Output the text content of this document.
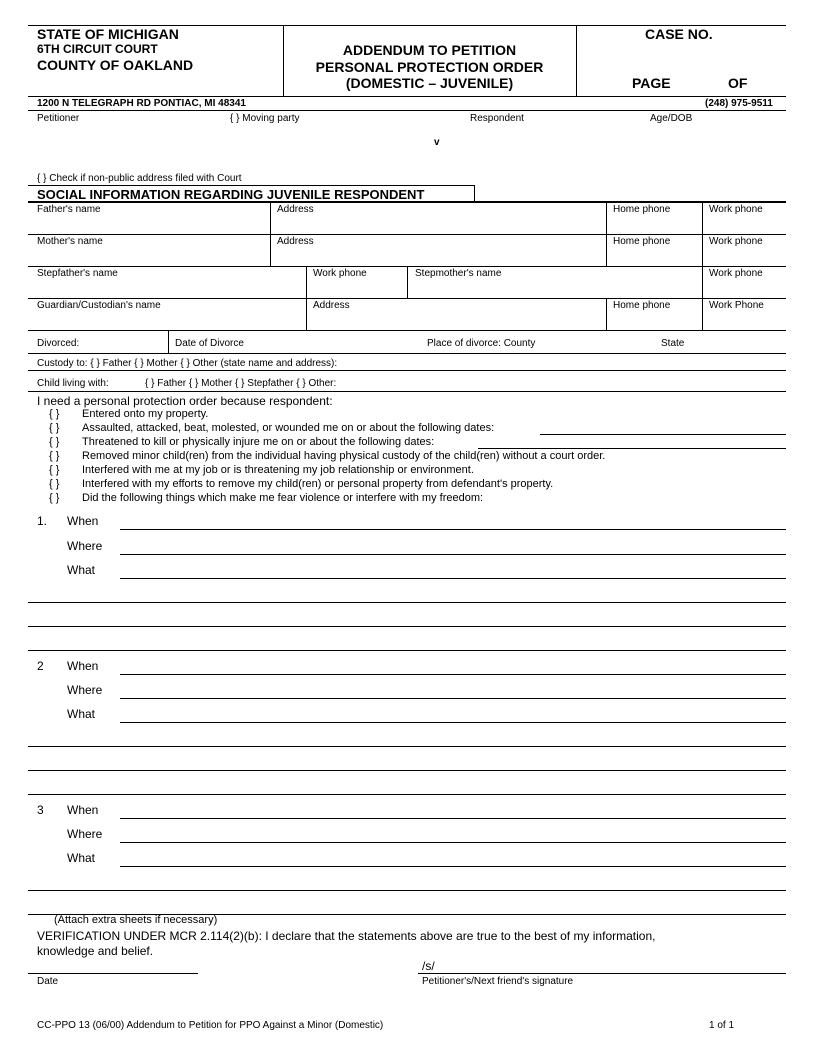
STATE OF MICHIGAN
6TH CIRCUIT COURT
COUNTY OF OAKLAND
ADDENDUM TO PETITION
PERSONAL PROTECTION ORDER
(DOMESTIC – JUVENILE)
CASE NO.
PAGE	OF
1200 N TELEGRAPH RD PONTIAC, MI 48341	(248) 975-9511
Petitioner	{ } Moving party	Respondent	Age/DOB
v
{ } Check if non-public address filed with Court
SOCIAL INFORMATION REGARDING JUVENILE RESPONDENT
Father's name	Address	Home phone	Work phone
Mother's name	Address	Home phone	Work phone
Stepfather's name	Work phone	Stepmother's name	Work phone
Guardian/Custodian's name	Address	Home phone	Work Phone
Divorced:	Date of Divorce	Place of divorce: County	State
Custody to: { } Father { } Mother { } Other (state name and address):
Child living with:	{ } Father { } Mother { } Stepfather { } Other:
I need a personal protection order because respondent:
{ } Entered onto my property.
{ } Assaulted, attacked, beat, molested, or wounded me on or about the following dates:
{ } Threatened to kill or physically injure me on or about the following dates:
{ } Removed minor child(ren) from the individual having physical custody of the child(ren) without a court order.
{ } Interfered with me at my job or is threatening my job relationship or environment.
{ } Interfered with my efforts to remove my child(ren) or personal property from defendant's property.
{ } Did the following things which make me fear violence or interfere with my freedom:
1. When
Where
What
2 When
Where
What
3 When
Where
What
(Attach extra sheets if necessary)
VERIFICATION UNDER MCR 2.114(2)(b): I declare that the statements above are true to the best of my information,
knowledge and belief.
Date
/s/
Petitioner's/Next friend's signature
CC-PPO 13 (06/00) Addendum to Petition for PPO Against a Minor (Domestic)	1 of 1
